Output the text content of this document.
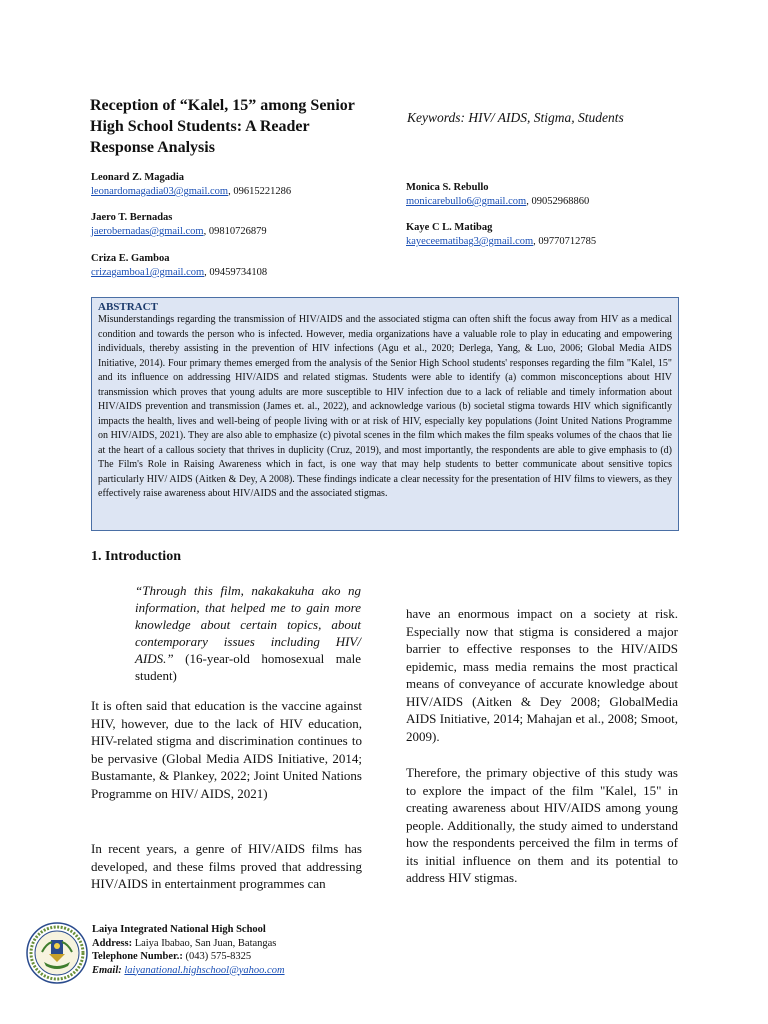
Reception of “Kalel, 15” among Senior High School Students: A Reader Response Analysis
Keywords: HIV/ AIDS, Stigma, Students
Leonard Z. Magadia
leonardomagadia03@gmail.com, 09615221286
Jaero T. Bernadas
jaerobernadas@gmail.com, 09810726879
Criza E. Gamboa
crizagamboa1@gmail.com, 09459734108
Monica S. Rebullo
monicarebullo6@gmail.com, 09052968860
Kaye C L. Matibag
kayeceematibag3@gmail.com, 09770712785
ABSTRACT
Misunderstandings regarding the transmission of HIV/AIDS and the associated stigma can often shift the focus away from HIV as a medical condition and towards the person who is infected. However, media organizations have a valuable role to play in educating and empowering individuals, thereby assisting in the prevention of HIV infections (Agu et al., 2020; Derlega, Yang, & Luo, 2006; Global Media AIDS Initiative, 2014). Four primary themes emerged from the analysis of the Senior High School students' responses regarding the film "Kalel, 15" and its influence on addressing HIV/AIDS and related stigmas. Students were able to identify (a) common misconceptions about HIV transmission which proves that young adults are more susceptible to HIV infection due to a lack of reliable and timely information about HIV/AIDS prevention and transmission (James et. al., 2022), and acknowledge various (b) societal stigma towards HIV which significantly impacts the health, lives and well-being of people living with or at risk of HIV, especially key populations (Joint United Nations Programme on HIV/AIDS, 2021). They are also able to emphasize (c) pivotal scenes in the film which makes the film speaks volumes of the chaos that lie at the heart of a callous society that thrives in duplicity (Cruz, 2019), and most importantly, the respondents are able to give emphasis to (d) The Film's Role in Raising Awareness which in fact, is one way that may help students to better communicate about sensitive topics particularly HIV/ AIDS (Aitken & Dey, A 2008). These findings indicate a clear necessity for the presentation of HIV films to viewers, as they effectively raise awareness about HIV/AIDS and the associated stigmas.
1. Introduction
“Through this film, nakakakuha ako ng information, that helped me to gain more knowledge about certain topics, about contemporary issues including HIV/ AIDS.” (16-year-old homosexual male student)
It is often said that education is the vaccine against HIV, however, due to the lack of HIV education, HIV-related stigma and discrimination continues to be pervasive (Global Media AIDS Initiative, 2014; Bustamante, & Plankey, 2022; Joint United Nations Programme on HIV/ AIDS, 2021)
In recent years, a genre of HIV/AIDS films has developed, and these films proved that addressing HIV/AIDS in entertainment programmes can
have an enormous impact on a society at risk. Especially now that stigma is considered a major barrier to effective responses to the HIV/AIDS epidemic, mass media remains the most practical means of conveyance of accurate knowledge about HIV/AIDS (Aitken & Dey 2008; GlobalMedia AIDS Initiative, 2014; Mahajan et al., 2008; Smoot, 2009).
Therefore, the primary objective of this study was to explore the impact of the film "Kalel, 15" in creating awareness about HIV/AIDS among young people. Additionally, the study aimed to understand how the respondents perceived the film in terms of its initial influence on them and its potential to address HIV stigmas.
Laiya Integrated National High School
Address: Laiya Ibabao, San Juan, Batangas
Telephone Number.: (043) 575-8325
Email: laiyanational.highschool@yahoo.com
